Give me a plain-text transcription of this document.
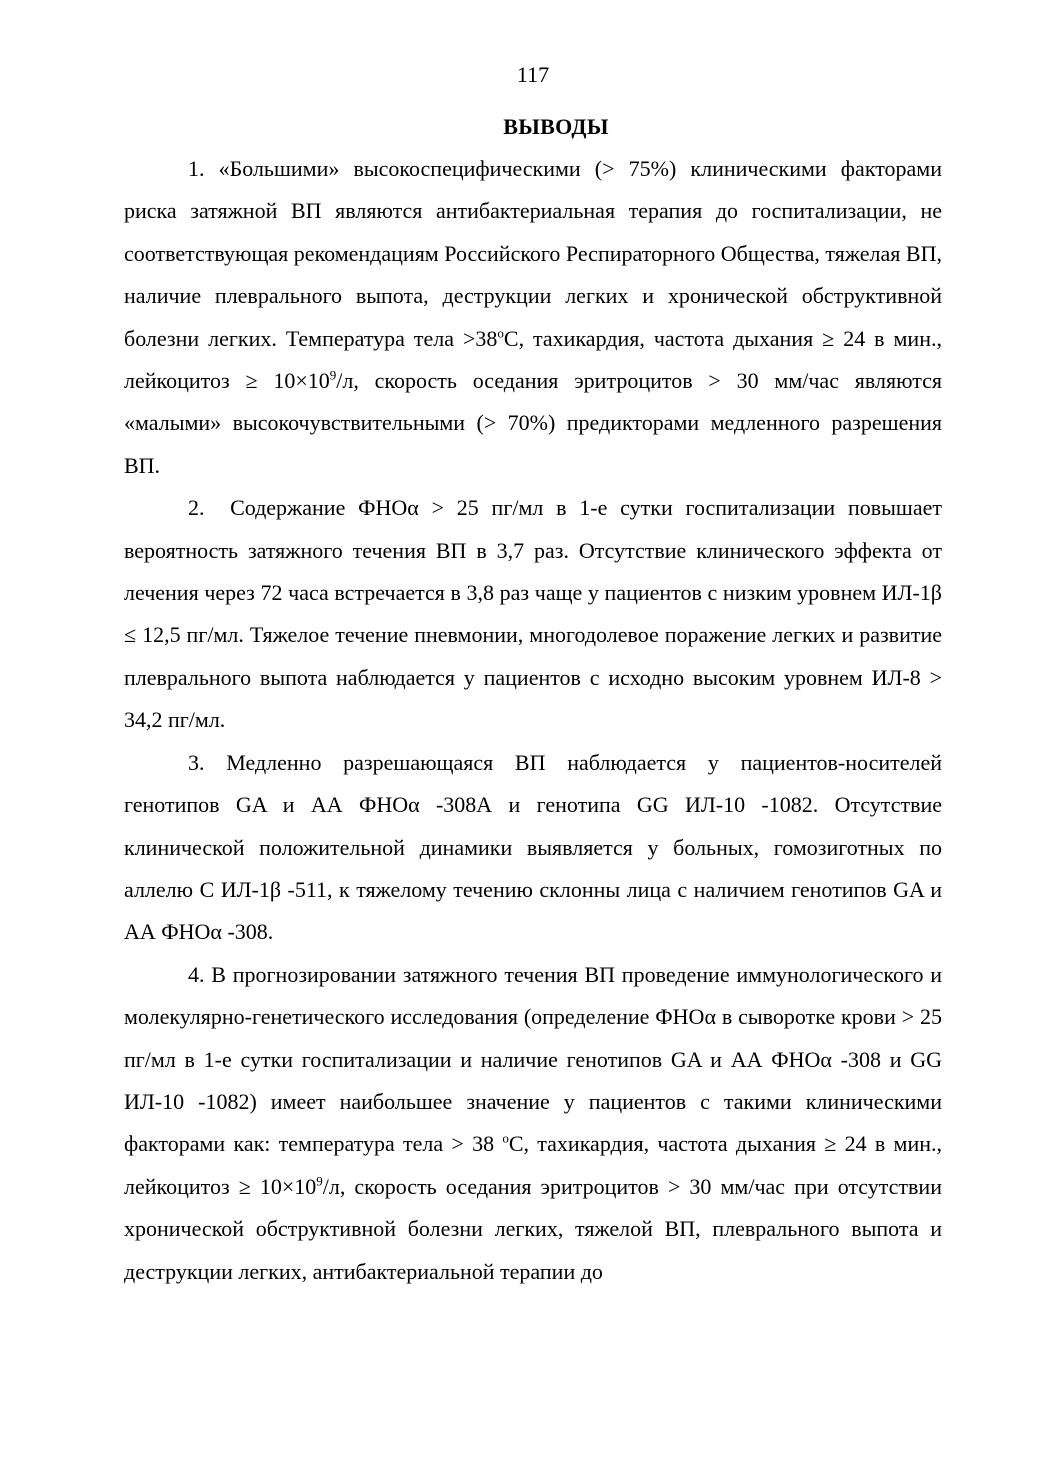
117
ВЫВОДЫ

1. «Большими» высокоспецифическими (> 75%) клиническими факторами риска затяжной ВП являются антибактериальная терапия до госпитализации, не соответствующая рекомендациям Российского Респираторного Общества, тяжелая ВП, наличие плеврального выпота, деструкции легких и хронической обструктивной болезни легких. Температура тела $>38^oС$, тахикардия, частота дыхания ≥ 24 в мин., лейкоцитоз ≥ $10\times 10^9/л$, скорость оседания эритроцитов > 30 мм/час являются «малыми» высокочувствительными (> 70%) предикторами медленного разрешения ВП.

2. Содержание ФНОα > 25 пг/мл в 1-е сутки госпитализации повышает вероятность затяжного течения ВП в 3,7 раз. Отсутствие клинического эффекта от лечения через 72 часа встречается в 3,8 раз чаще у пациентов с низким уровнем ИЛ-1β ≤ 12,5 пг/мл. Тяжелое течение пневмонии, многодолевое поражение легких и развитие плеврального выпота наблюдается у пациентов с исходно высоким уровнем ИЛ-8 > 34,2 пг/мл.

3. Медленно разрешающаяся ВП наблюдается у пациентов-носителей генотипов GA и АА ФНОα -308А и генотипа GG ИЛ-10 -1082. Отсутствие клинической положительной динамики выявляется у больных, гомозиготных по аллелю С ИЛ-1β -511, к тяжелому течению склонны лица с наличием генотипов GA и АА ФНОα -308.

4. В прогнозировании затяжного течения ВП проведение иммунологического и молекулярно-генетического исследования (определение ФНОα в сыворотке крови > 25 пг/мл в 1-е сутки госпитализации и наличие генотипов GA и АА ФНОα -308 и GG ИЛ-10 -1082) имеет наибольшее значение у пациентов с такими клиническими факторами как: температура тела > 38 $^o$С, тахикардия, частота дыхания ≥ 24 в мин., лейкоцитоз ≥ $10\times 10^9/л$, скорость оседания эритроцитов > 30 мм/час при отсутствии хронической обструктивной болезни легких, тяжелой ВП, плеврального выпота и деструкции легких, антибактериальной терапии до
